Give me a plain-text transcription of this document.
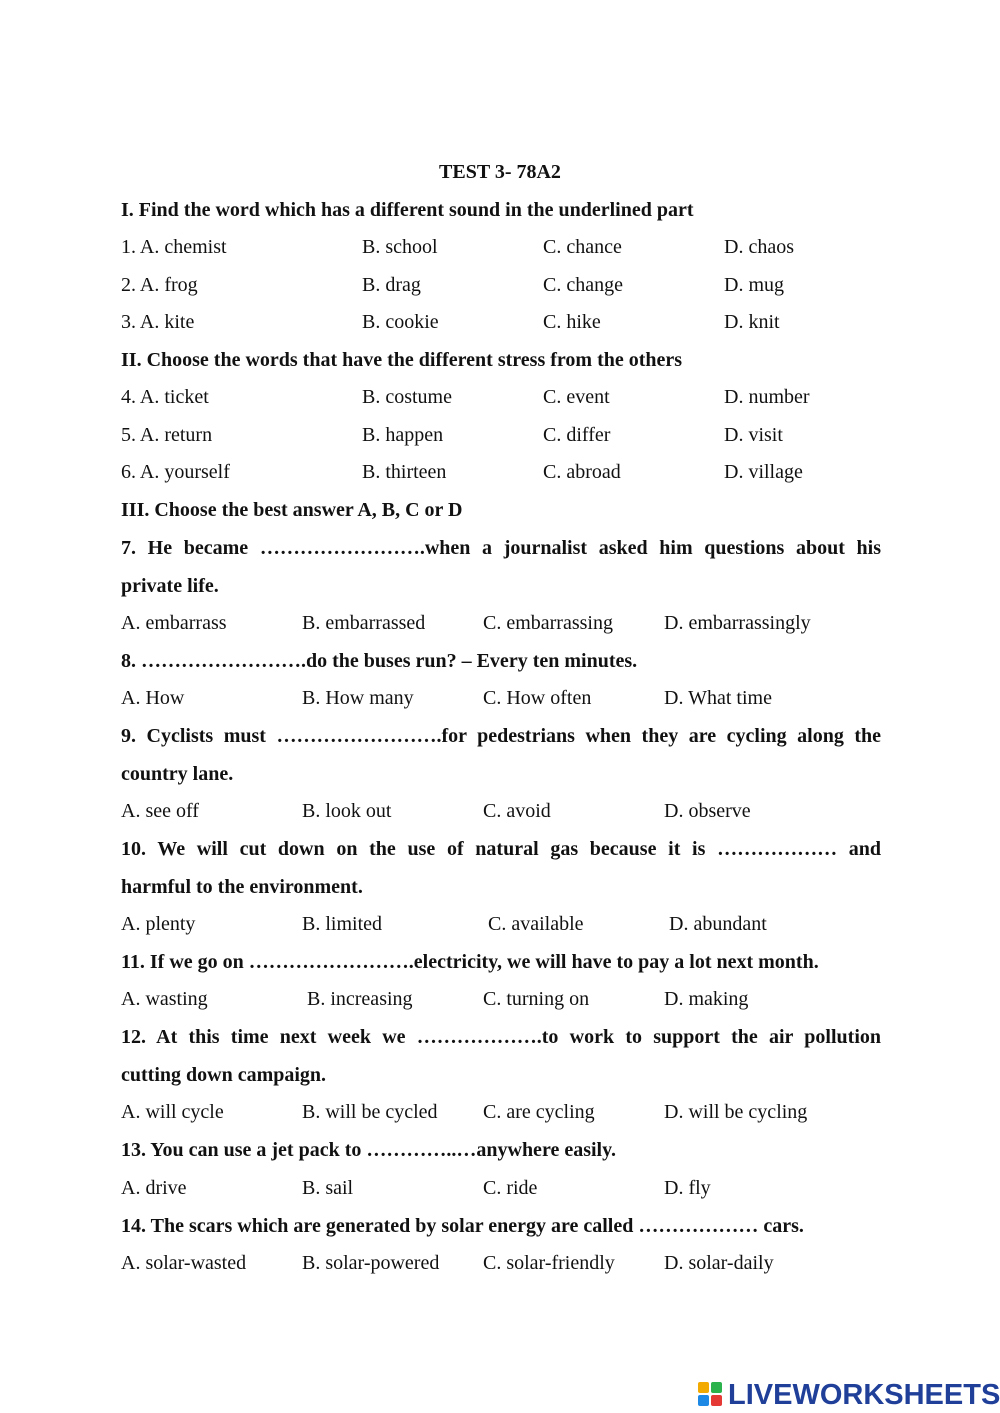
TEST 3- 78A2
I. Find the word which has a different sound in the underlined part
1. A. chemist	B. school	C. chance	D. chaos
2. A. frog	B. drag	C. change	D. mug
3. A. kite	B. cookie	C. hike	D. knit
II. Choose the words that have the different stress from the others
4. A. ticket	B. costume	C. event	D. number
5. A. return	B. happen	C. differ	D. visit
6. A. yourself	B. thirteen	C. abroad	D. village
III. Choose the best answer A, B, C or D
7. He became …………………….when a journalist asked him questions about his
private life.
A. embarrass	B. embarrassed	C. embarrassing	D. embarrassingly
8. …………………….do the buses run? – Every ten minutes.
A. How	B. How many	C. How often	D. What time
9. Cyclists must …………………….for pedestrians when they are cycling along the
country lane.
A. see off	B. look out	C. avoid	D. observe
10. We will cut down on the use of natural gas because it is ……………… and
harmful to the environment.
A. plenty	B. limited	C. available	D. abundant
11. If we go on …………………….electricity, we will have to pay a lot next month.
A. wasting	B. increasing	C. turning on	D. making
12. At this time next week we ……………….to work to support the air pollution
cutting down campaign.
A. will cycle	B. will be cycled C. are cycling	D. will be cycling
13. You can use a jet pack to …………..…anywhere easily.
A. drive	B. sail	C. ride	D. fly
14. The scars which are generated by solar energy are called ……………… cars.
A. solar-wasted	B. solar-powered C. solar-friendly D. solar-daily
LIVEWORKSHEETS
